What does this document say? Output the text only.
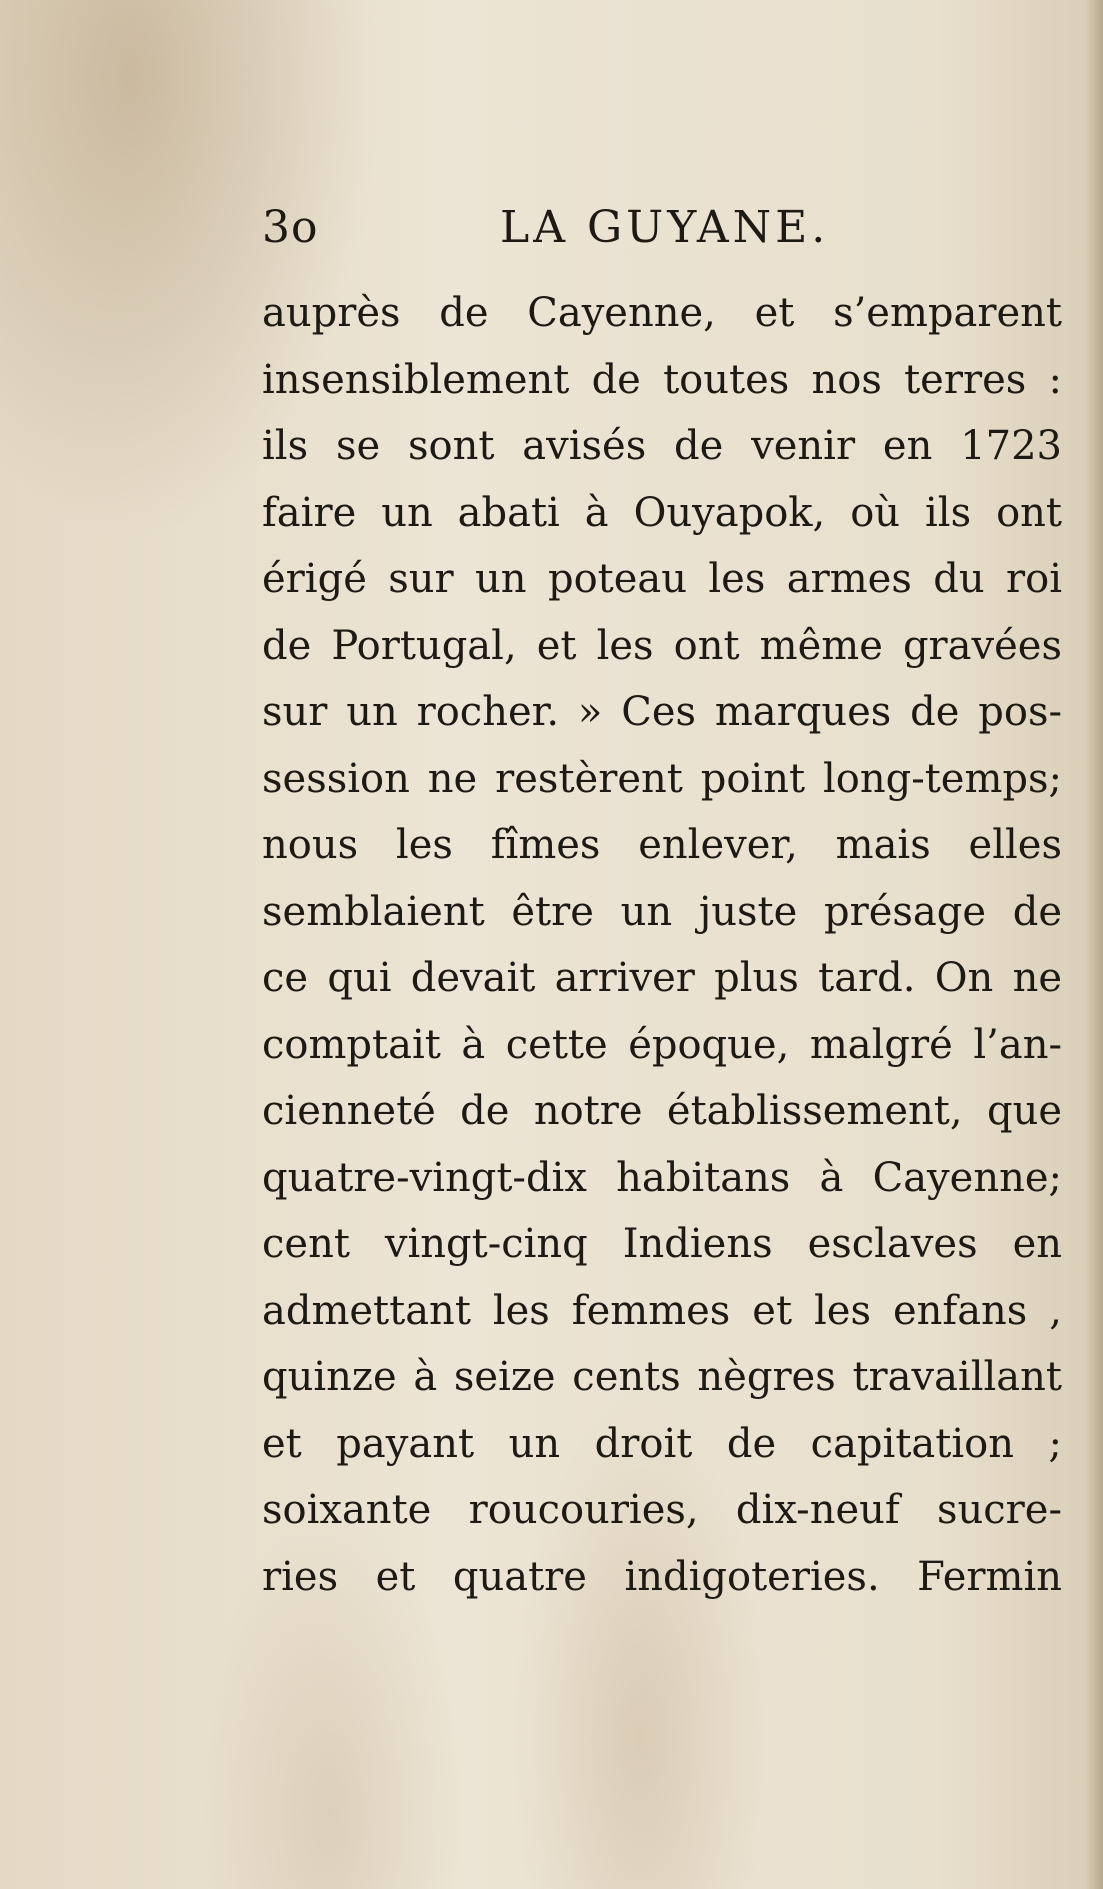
3o	LA GUYANE.
auprès de Cayenne, et s’emparent
insensiblement de toutes nos terres :
ils se sont avisés de venir en 1723
faire un abati à Ouyapok, où ils ont
érigé sur un poteau les armes du roi
de Portugal, et les ont même gravées
sur un rocher. » Ces marques de pos-
session ne restèrent point long-temps;
nous les fîmes enlever, mais elles
semblaient être un juste présage de
ce qui devait arriver plus tard. On ne
comptait à cette époque, malgré l’an-
cienneté de notre établissement, que
quatre-vingt-dix habitans à Cayenne;
cent vingt-cinq Indiens esclaves en
admettant les femmes et les enfans ,
quinze à seize cents nègres travaillant
et payant un droit de capitation ;
soixante roucouries, dix-neuf sucre-
ries et quatre indigoteries. Fermin
